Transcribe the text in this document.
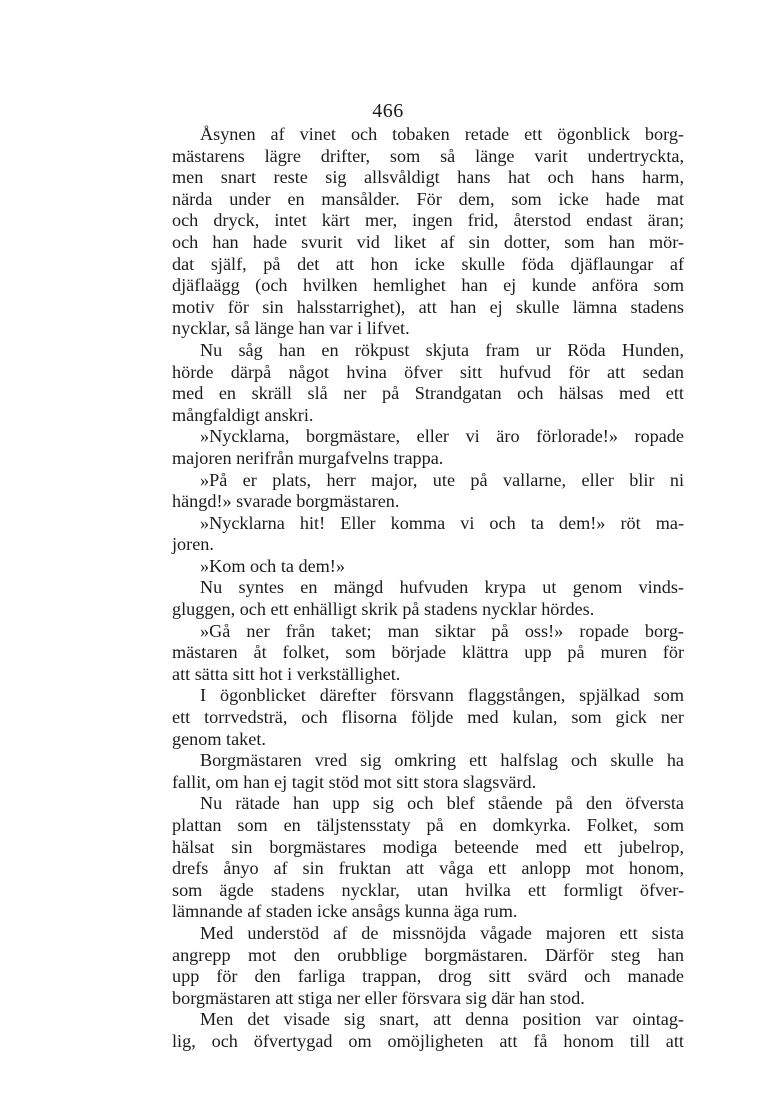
466
Åsynen af vinet och tobaken retade ett ögonblick borg-
mästarens lägre drifter, som så länge varit undertryckta,
men snart reste sig allsvåldigt hans hat och hans harm,
närda under en mansålder. För dem, som icke hade mat
och dryck, intet kärt mer, ingen frid, återstod endast äran;
och han hade svurit vid liket af sin dotter, som han mör-
dat själf, på det att hon icke skulle föda djäflaungar af
djäflaägg (och hvilken hemlighet han ej kunde anföra som
motiv för sin halsstarrighet), att han ej skulle lämna stadens
nycklar, så länge han var i lifvet.
Nu såg han en rökpust skjuta fram ur Röda Hunden,
hörde därpå något hvina öfver sitt hufvud för att sedan
med en skräll slå ner på Strandgatan och hälsas med ett
mångfaldigt anskri.
»Nycklarna, borgmästare, eller vi äro förlorade!» ropade
majoren nerifrån murgafvelns trappa.
»På er plats, herr major, ute på vallarne, eller blir ni
hängd!» svarade borgmästaren.
»Nycklarna hit! Eller komma vi och ta dem!» röt ma-
joren.
»Kom och ta dem!»
Nu syntes en mängd hufvuden krypa ut genom vinds-
gluggen, och ett enhälligt skrik på stadens nycklar hördes.
»Gå ner från taket; man siktar på oss!» ropade borg-
mästaren åt folket, som började klättra upp på muren för
att sätta sitt hot i verkställighet.
I ögonblicket därefter försvann flaggstången, spjälkad som
ett torrvedsträ, och flisorna följde med kulan, som gick ner
genom taket.
Borgmästaren vred sig omkring ett halfslag och skulle ha
fallit, om han ej tagit stöd mot sitt stora slagsvärd.
Nu rätade han upp sig och blef stående på den öfversta
plattan som en täljstensstaty på en domkyrka. Folket, som
hälsat sin borgmästares modiga beteende med ett jubelrop,
drefs ånyo af sin fruktan att våga ett anlopp mot honom,
som ägde stadens nycklar, utan hvilka ett formligt öfver-
lämnande af staden icke ansågs kunna äga rum.
Med understöd af de missnöjda vågade majoren ett sista
angrepp mot den orubblige borgmästaren. Därför steg han
upp för den farliga trappan, drog sitt svärd och manade
borgmästaren att stiga ner eller försvara sig där han stod.
Men det visade sig snart, att denna position var ointag-
lig, och öfvertygad om omöjligheten att få honom till att
